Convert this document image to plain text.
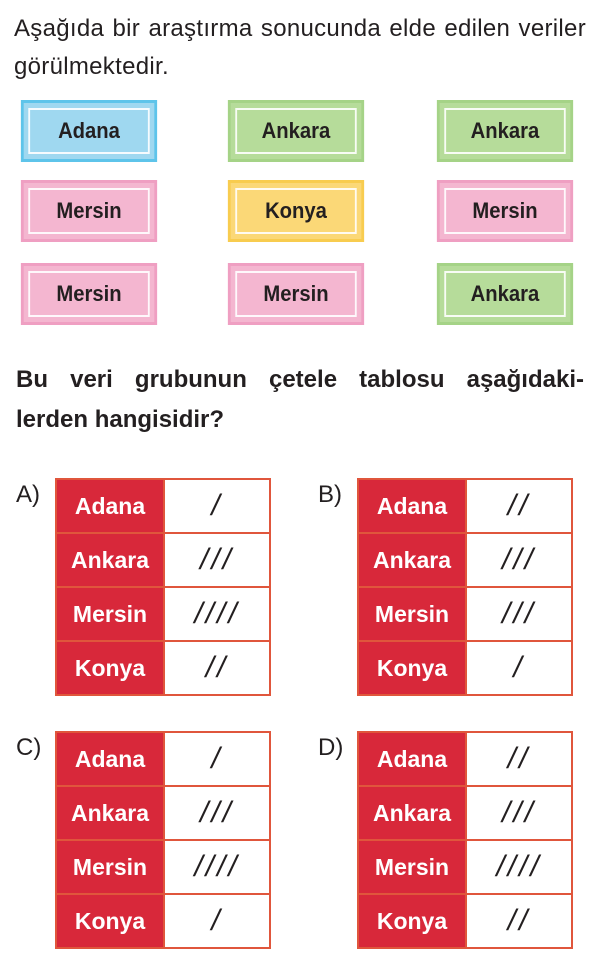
Aşağıda bir araştırma sonucunda elde edilen veriler görülmektedir.
Adana	Ankara	Ankara
Mersin	Konya	Mersin
Mersin	Mersin	Ankara
Bu veri grubunun çetele tablosu aşağıdaki- lerden hangisidir?
A) Adana	/
Ankara	///
Mersin	////
Konya	//
B) Adana	//
Ankara	///
Mersin	///
Konya	/
C) Adana	/
Ankara	///
Mersin	////
Konya	/
D) Adana	//
Ankara	///
Mersin	////
Konya	//
